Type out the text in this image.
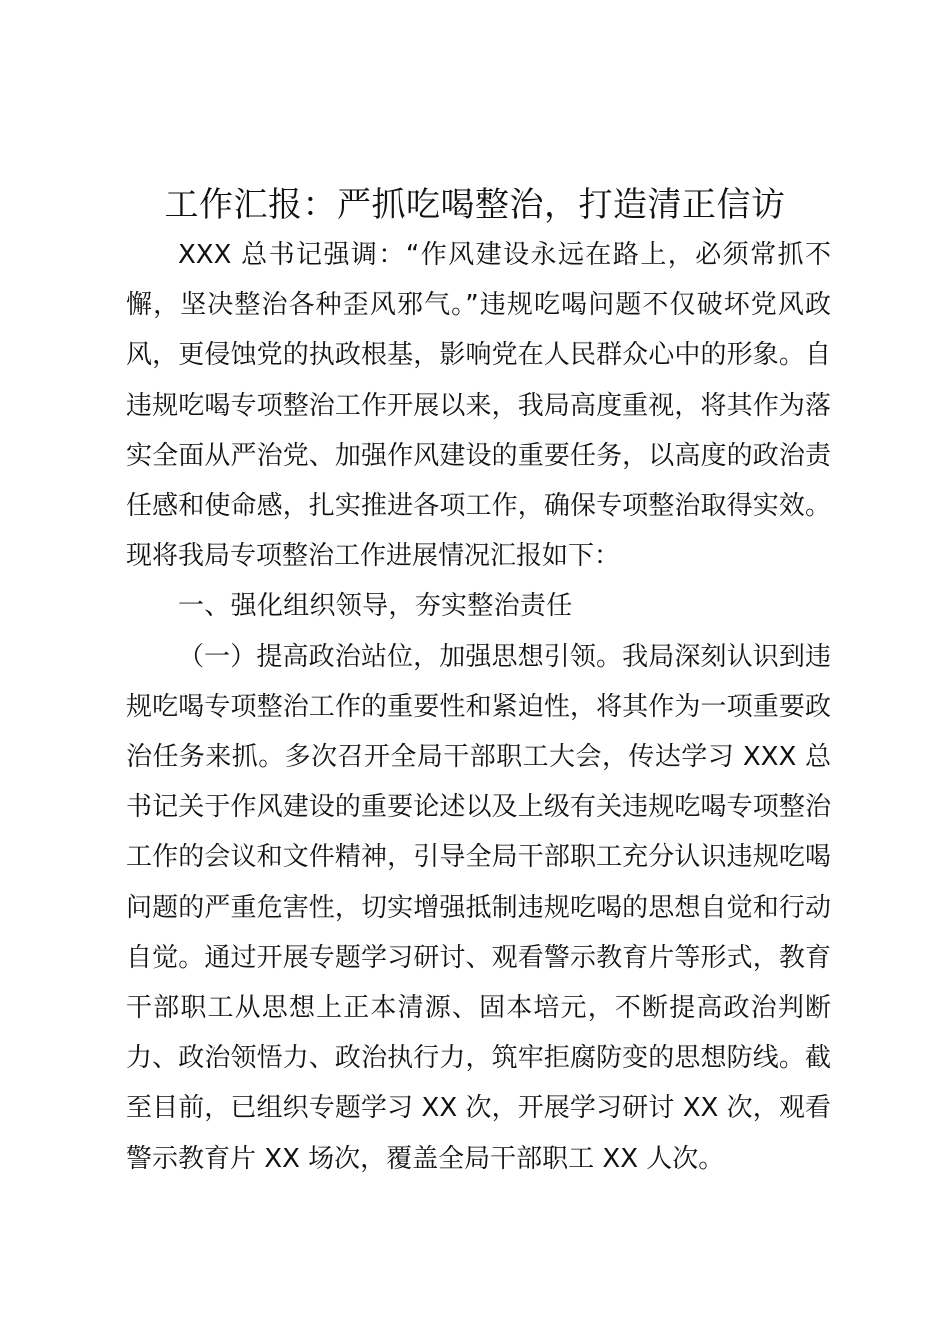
工作汇报：严抓吃喝整治，打造清正信访

XXX 总书记强调：“作风建设永远在路上，必须常抓不懈，坚决整治各种歪风邪气。”违规吃喝问题不仅破坏党风政风，更侵蚀党的执政根基，影响党在人民群众心中的形象。自违规吃喝专项整治工作开展以来，我局高度重视，将其作为落实全面从严治党、加强作风建设的重要任务，以高度的政治责任感和使命感，扎实推进各项工作，确保专项整治取得实效。现将我局专项整治工作进展情况汇报如下：

一、强化组织领导，夯实整治责任

（一）提高政治站位，加强思想引领。我局深刻认识到违规吃喝专项整治工作的重要性和紧迫性，将其作为一项重要政治任务来抓。多次召开全局干部职工大会，传达学习 XXX 总书记关于作风建设的重要论述以及上级有关违规吃喝专项整治工作的会议和文件精神，引导全局干部职工充分认识违规吃喝问题的严重危害性，切实增强抵制违规吃喝的思想自觉和行动自觉。通过开展专题学习研讨、观看警示教育片等形式，教育干部职工从思想上正本清源、固本培元，不断提高政治判断力、政治领悟力、政治执行力，筑牢拒腐防变的思想防线。截至目前，已组织专题学习 XX 次，开展学习研讨 XX 次，观看警示教育片 XX 场次，覆盖全局干部职工 XX 人次。
